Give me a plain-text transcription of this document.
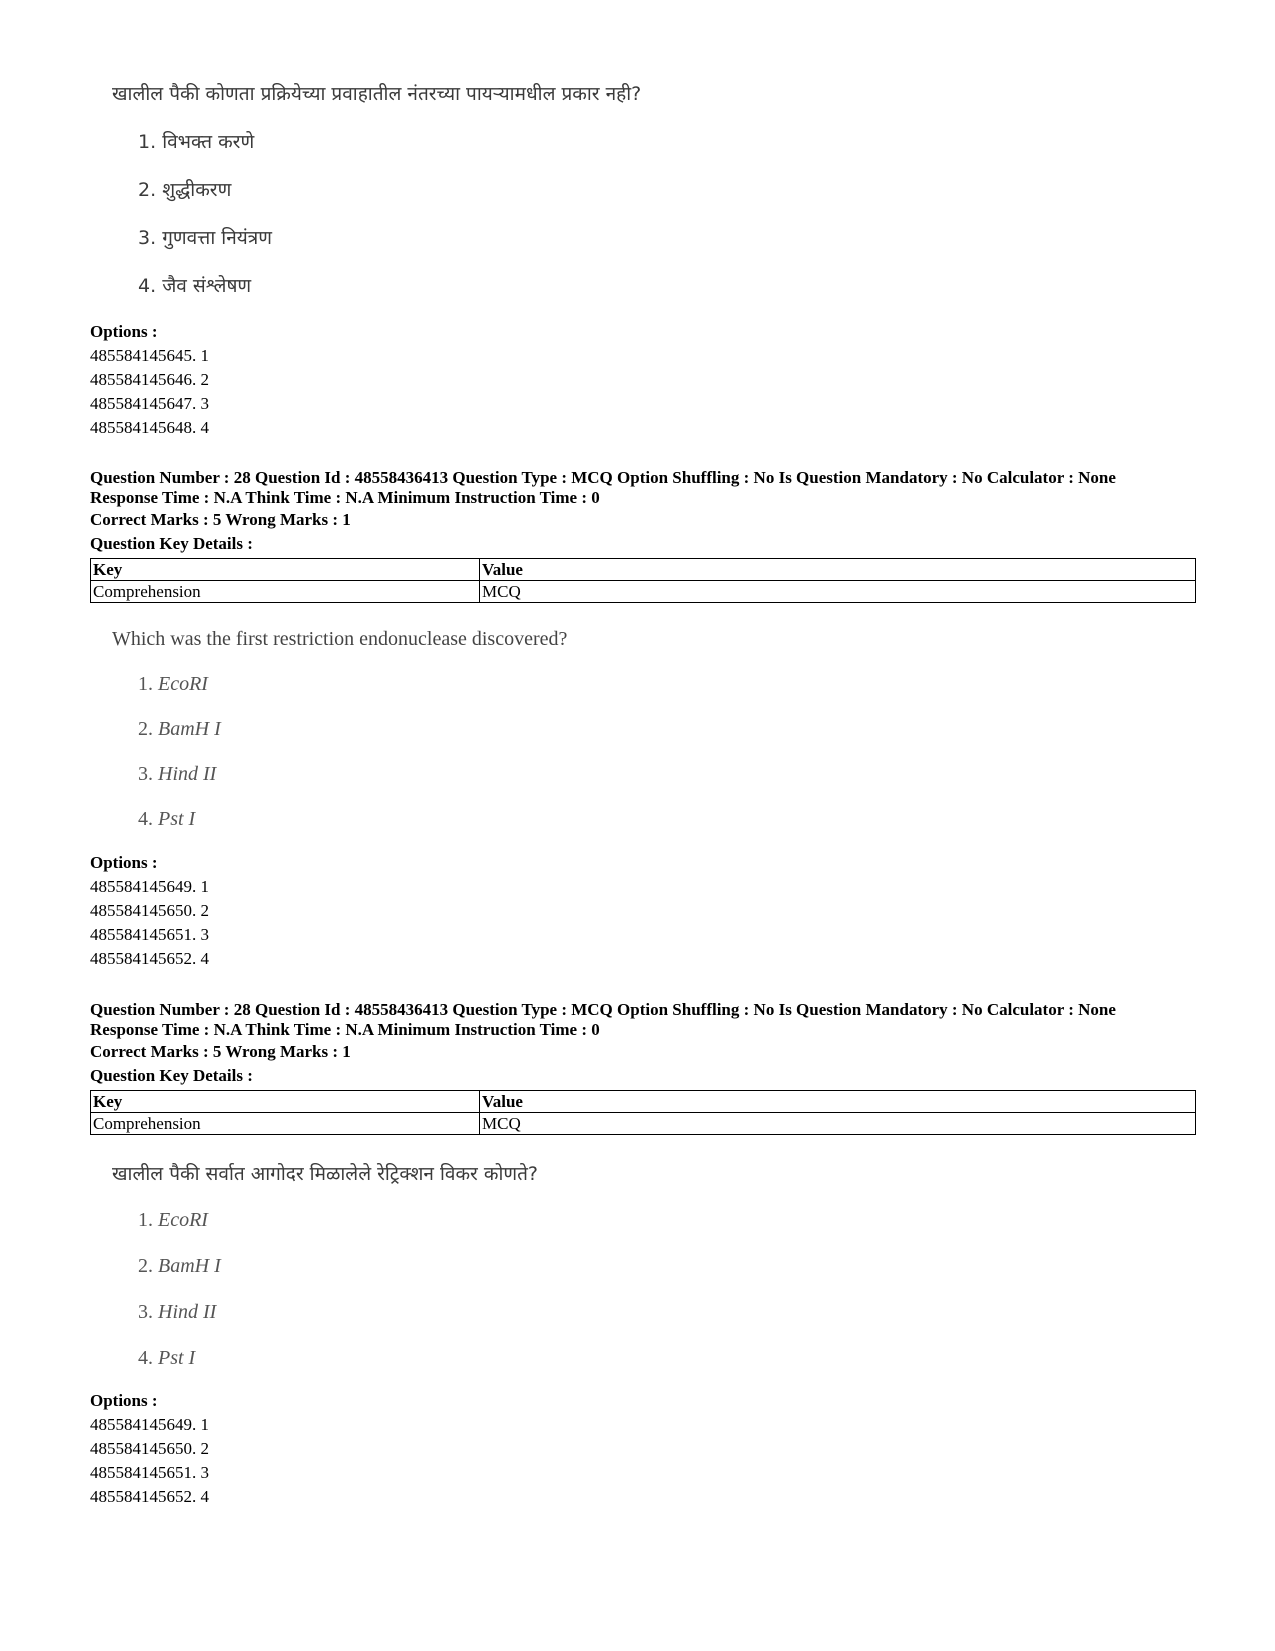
खालील पैकी कोणता प्रक्रियेच्या प्रवाहातील नंतरच्या पायऱ्यामधील प्रकार नही?

1. विभक्त करणे
2. शुद्धीकरण
3. गुणवत्ता नियंत्रण
4. जैव संश्लेषण

Options :

485584145645. 1

485584145646. 2

485584145647. 3

485584145648. 4

Question Number : 28 Question Id : 48558436413 Question Type : MCQ Option Shuffling : No Is Question Mandatory : No Calculator : None

Response Time : N.A Think Time : N.A Minimum Instruction Time : 0

Correct Marks : 5 Wrong Marks : 1

Question Key Details :

Key	Value
Comprehension	MCQ

Which was the first restriction endonuclease discovered?

1. EcoRI
2. BamH I
3. Hind II
4. Pst I

Options :

485584145649. 1

485584145650. 2

485584145651. 3

485584145652. 4

Question Number : 28 Question Id : 48558436413 Question Type : MCQ Option Shuffling : No Is Question Mandatory : No Calculator : None

Response Time : N.A Think Time : N.A Minimum Instruction Time : 0

Correct Marks : 5 Wrong Marks : 1

Question Key Details :

Key	Value
Comprehension	MCQ

खालील पैकी सर्वात आगोदर मिळालेले रेट्रिक्शन विकर कोणते?

1. EcoRI
2. BamH I
3. Hind II
4. Pst I

Options :

485584145649. 1

485584145650. 2

485584145651. 3

485584145652. 4
